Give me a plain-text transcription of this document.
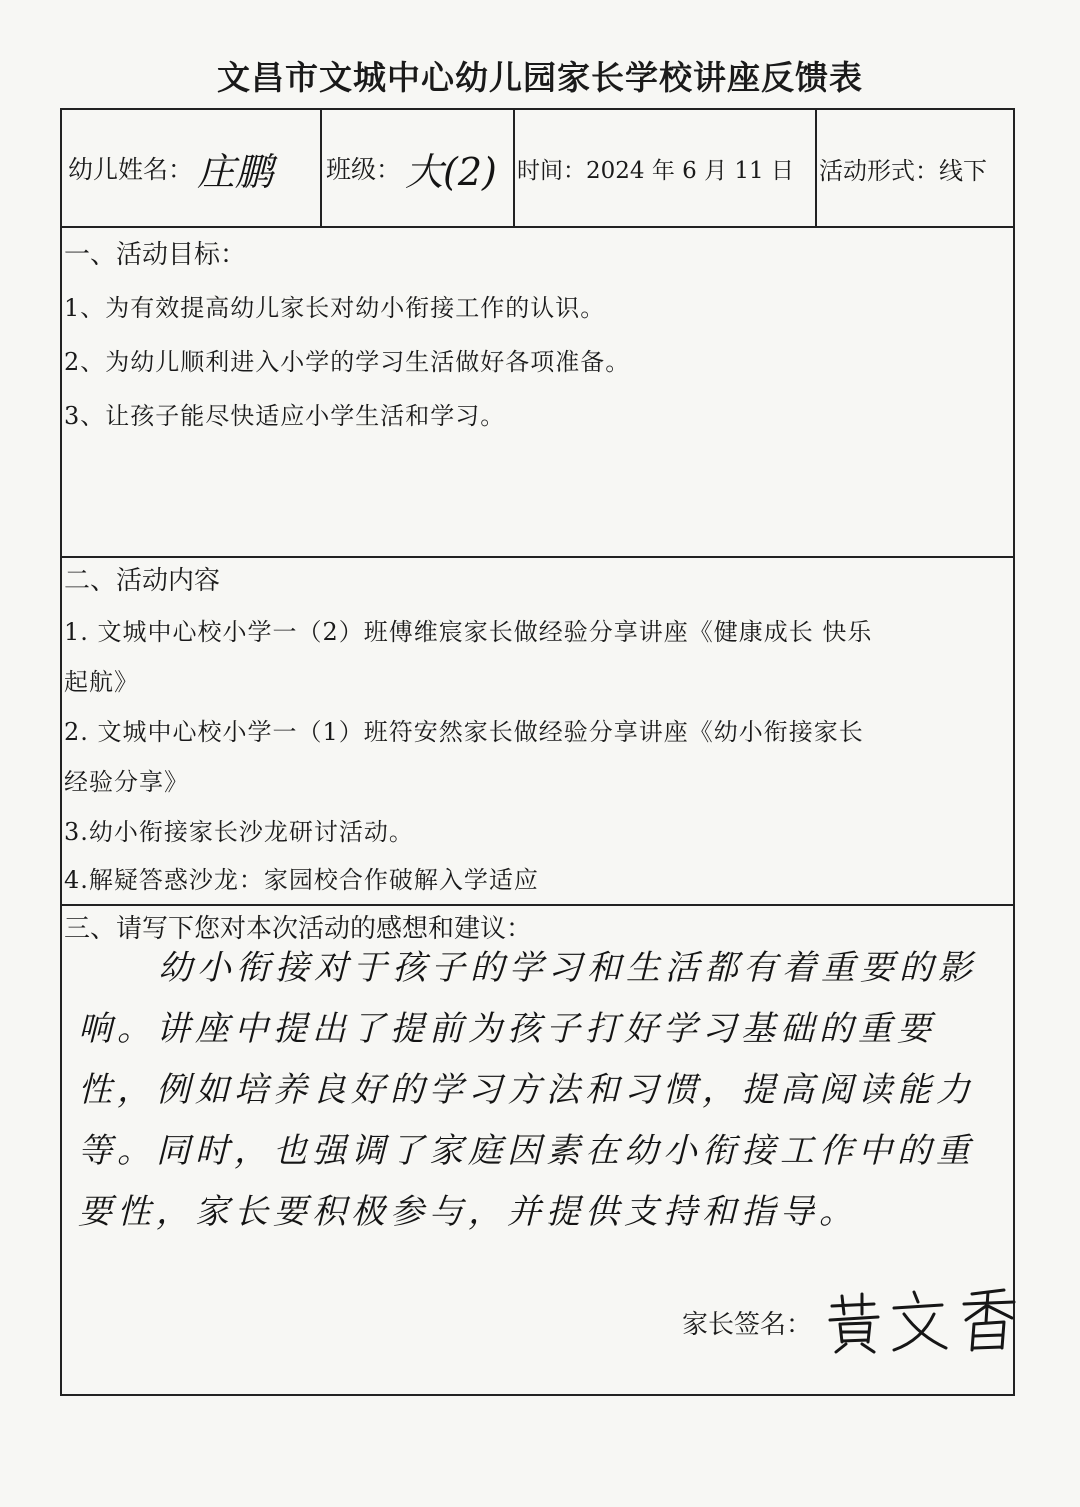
文昌市文城中心幼儿园家长学校讲座反馈表
幼儿姓名： 庄鹏 班级： 大(2) 时间：2024 年 6 月 11 日 活动形式：线下
一、活动目标：
1、为有效提高幼儿家长对幼小衔接工作的认识。
2、为幼儿顺利进入小学的学习生活做好各项准备。
3、让孩子能尽快适应小学生活和学习。
二、活动内容
1. 文城中心校小学一（2）班傅维宸家长做经验分享讲座《健康成长 快乐
起航》
2. 文城中心校小学一（1）班符安然家长做经验分享讲座《幼小衔接家长
经验分享》
3.幼小衔接家长沙龙研讨活动。
4.解疑答惑沙龙：家园校合作破解入学适应
三、请写下您对本次活动的感想和建议：
幼小衔接对于孩子的学习和生活都有着重要的影响。讲座中提出了提前为孩子打好学习基础的重要性，例如培养良好的学习方法和习惯，提高阅读能力等。同时，也强调了家庭因素在幼小衔接工作中的重要性，家长要积极参与，并提供支持和指导。
家长签名：
